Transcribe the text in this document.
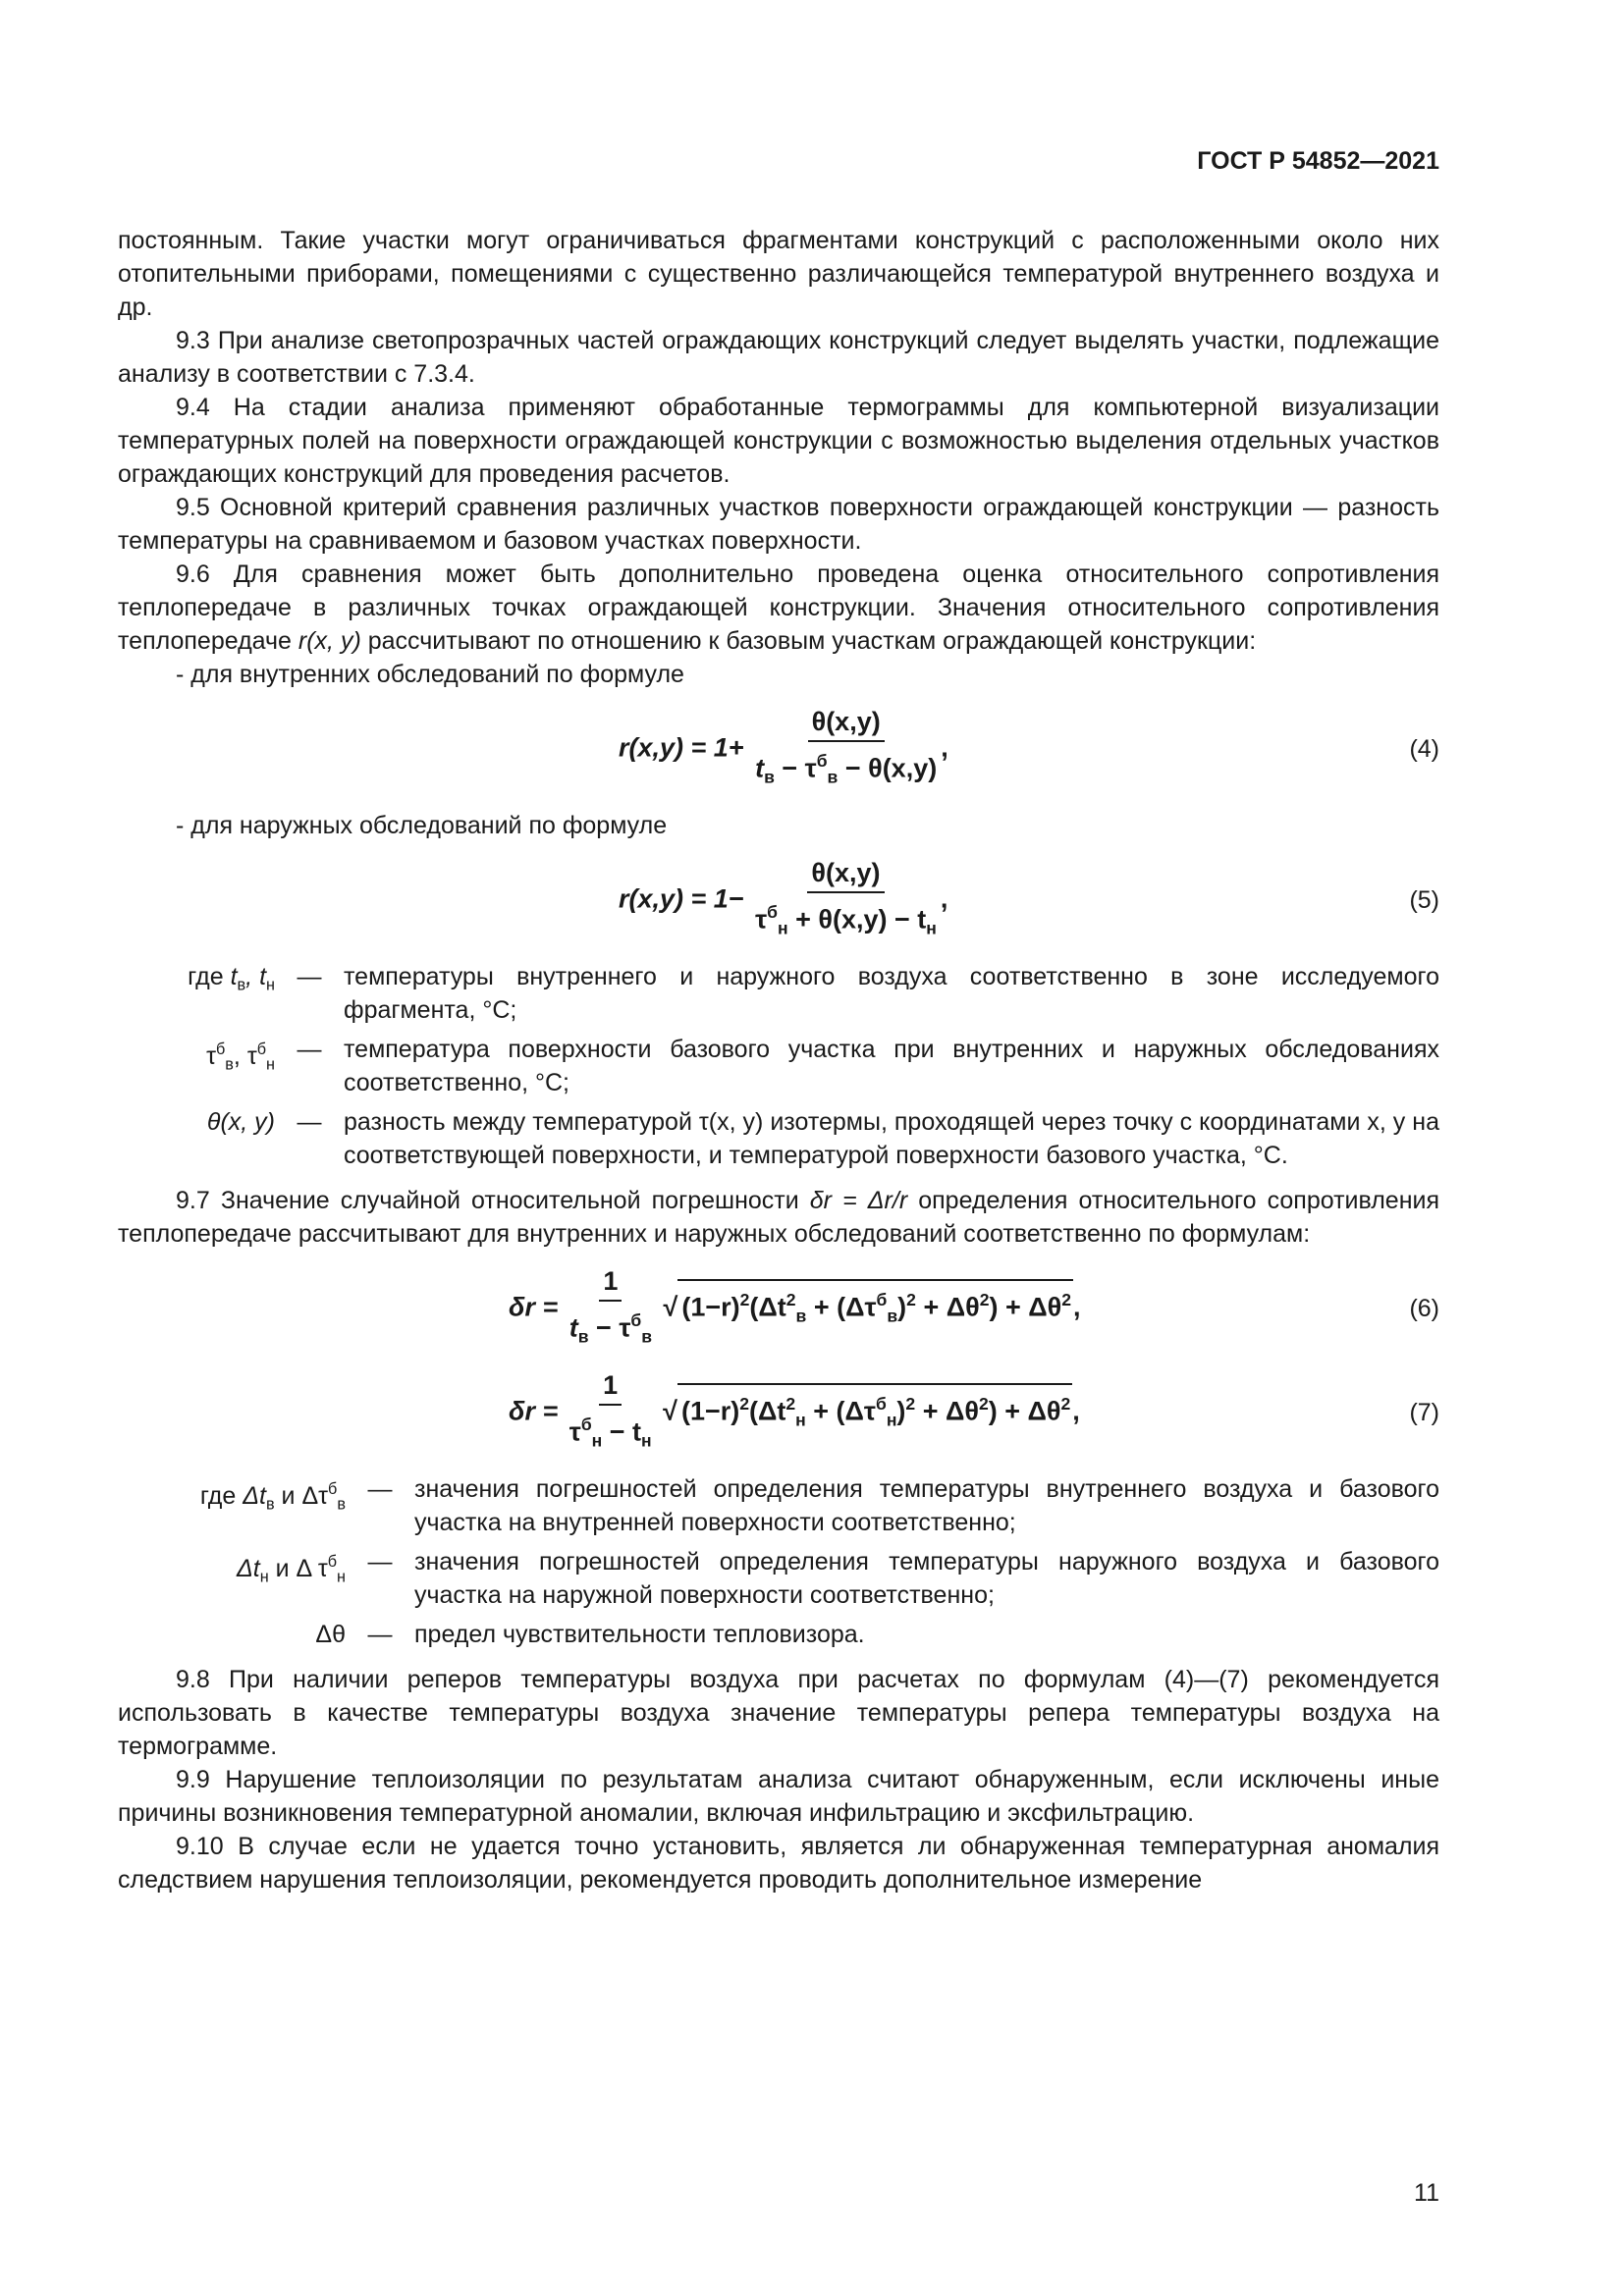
ГОСТ Р 54852—2021

постоянным. Такие участки могут ограничиваться фрагментами конструкций с расположенными около них отопительными приборами, помещениями с существенно различающейся температурой внутреннего воздуха и др.

9.3 При анализе светопрозрачных частей ограждающих конструкций следует выделять участки, подлежащие анализу в соответствии с 7.3.4.

9.4 На стадии анализа применяют обработанные термограммы для компьютерной визуализации температурных полей на поверхности ограждающей конструкции с возможностью выделения отдельных участков ограждающих конструкций для проведения расчетов.

9.5 Основной критерий сравнения различных участков поверхности ограждающей конструкции — разность температуры на сравниваемом и базовом участках поверхности.

9.6 Для сравнения может быть дополнительно проведена оценка относительного сопротивления теплопередаче в различных точках ограждающей конструкции. Значения относительного сопротивления теплопередаче r(x, y) рассчитывают по отношению к базовым участкам ограждающей конструкции:

- для внутренних обследований по формуле

$r(x,y) = 1+ \frac{\theta(x,y)}{t_в - \tau^б_в - \theta(x,y)}$ ,	(4)

- для наружных обследований по формуле

$r(x,y) = 1- \frac{\theta(x,y)}{\tau^б_н + \theta(x,y) - t_н}$ ,	(5)
где $t_в$, $t_н$ — температуры внутреннего и наружного воздуха соответственно в зоне исследуемого фрагмента, °C;
$\tau^б_в$, $\tau^б_н$
— температура поверхности базового участка при внутренних и наружных обследованиях соответственно, °C;
θ(x, y) — разность между температурой τ(x, y) изотермы, проходящей через точку с координатами x, y на соответствующей поверхности, и температурой поверхности базового участка, °C.

9.7 Значение случайной относительной погрешности δr = Δr/r определения относительного сопротивления теплопередаче рассчитывают для внутренних и наружных обследований соответственно по формулам:

$\delta r = \frac{1}{t_в - \tau^б_в}$ √ $(1-r)^2(\Delta t^2_в + (\Delta\tau^б_в)^2 + \Delta\theta^2) + \Delta\theta^2$,	(6)
$\delta r = \frac{1}{\tau^б_н - t_н}$ √ $(1-r)^2(\Delta t^2_н + (\Delta\tau^б_н)^2 + \Delta\theta^2) + \Delta\theta^2$,	(7)
где $\Delta t_в$ и $\Delta\tau^б_в$
— значения погрешностей определения температуры внутреннего воздуха и базового участка на внутренней поверхности соответственно;
$\Delta t_н$ и Δ $\tau^б_н$
— значения погрешностей определения температуры наружного воздуха и базового участка на наружной поверхности соответственно;
Δθ — предел чувствительности тепловизора.

9.8 При наличии реперов температуры воздуха при расчетах по формулам (4)—(7) рекомендуется использовать в качестве температуры воздуха значение температуры репера температуры воздуха на термограмме.

9.9 Нарушение теплоизоляции по результатам анализа считают обнаруженным, если исключены иные причины возникновения температурной аномалии, включая инфильтрацию и эксфильтрацию.

9.10 В случае если не удается точно установить, является ли обнаруженная температурная аномалия следствием нарушения теплоизоляции, рекомендуется проводить дополнительное измерение

11
